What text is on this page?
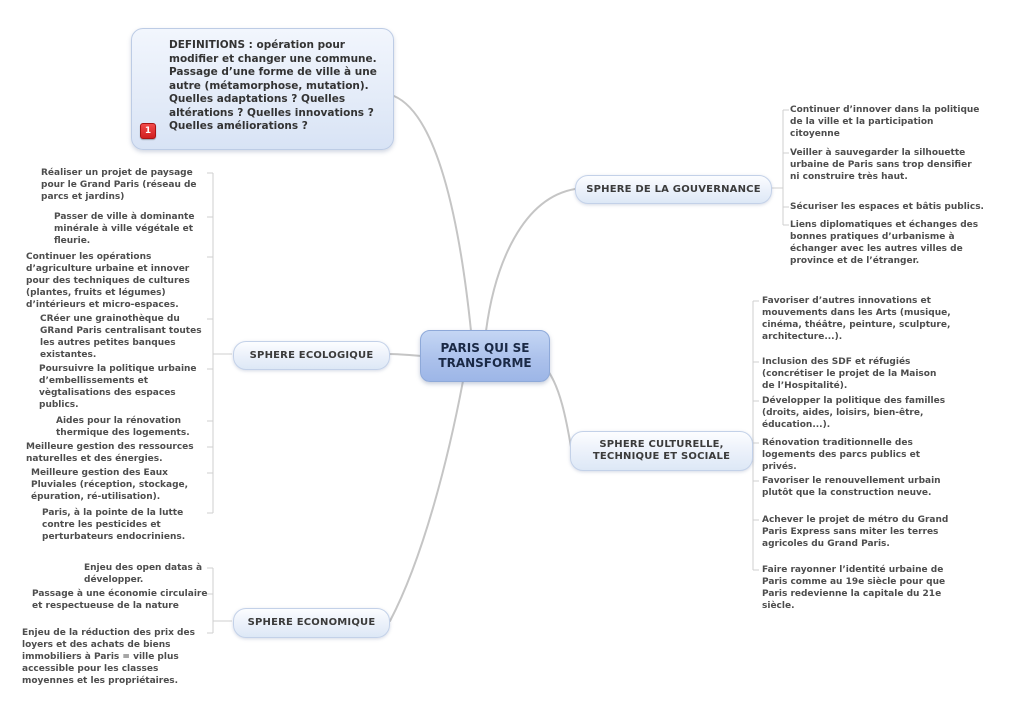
1
DEFINITIONS : opération pour modifier et changer une commune. Passage d’une forme de ville à une autre (métamorphose, mutation). Quelles adaptations ? Quelles altérations ? Quelles innovations ? Quelles améliorations ?
PARIS QUI SE TRANSFORME
SPHERE DE LA GOUVERNANCE
SPHERE ECOLOGIQUE
SPHERE CULTURELLE, TECHNIQUE ET SOCIALE
SPHERE ECONOMIQUE
Continuer d’innover dans la politique de la ville et la participation citoyenne
Veiller à sauvegarder la silhouette urbaine de Paris sans trop densifier ni construire très haut.
Sécuriser les espaces et bâtis publics.
Liens diplomatiques et échanges des bonnes pratiques d’urbanisme à échanger avec les autres villes de province et de l’étranger.
Réaliser un projet de paysage pour le Grand Paris (réseau de parcs et jardins)
Passer de ville à dominante minérale à ville végétale et fleurie.
Continuer les opérations d’agriculture urbaine et innover pour des techniques de cultures (plantes, fruits et légumes) d’intérieurs et micro-espaces.
CRéer une grainothèque du GRand Paris centralisant toutes les autres petites banques existantes.
Poursuivre la politique urbaine d’embellissements et vègtalisations des espaces publics.
Aides pour la rénovation thermique des logements.
Meilleure gestion des ressources naturelles et des énergies.
Meilleure gestion des Eaux Pluviales (réception, stockage, épuration, ré-utilisation).
Paris, à la pointe de la lutte contre les pesticides et perturbateurs endocriniens.
Favoriser d’autres innovations et mouvements dans les Arts (musique, cinéma, théâtre, peinture, sculpture, architecture...).
Inclusion des SDF et réfugiés (concrétiser le projet de la Maison de l’Hospitalité).
Développer la politique des familles (droits, aides, loisirs, bien-être, éducation...).
Rénovation traditionnelle des logements des parcs publics et privés.
Favoriser le renouvellement urbain plutôt que la construction neuve.
Achever le projet de métro du Grand Paris Express sans miter les terres agricoles du Grand Paris.
Faire rayonner l’identité urbaine de Paris comme au 19e siècle pour que Paris redevienne la capitale du 21e siècle.
Enjeu des open datas à développer.
Passage à une économie circulaire et respectueuse de la nature
Enjeu de la réduction des prix des loyers et des achats de biens immobiliers à Paris = ville plus accessible pour les classes moyennes et les propriétaires.
